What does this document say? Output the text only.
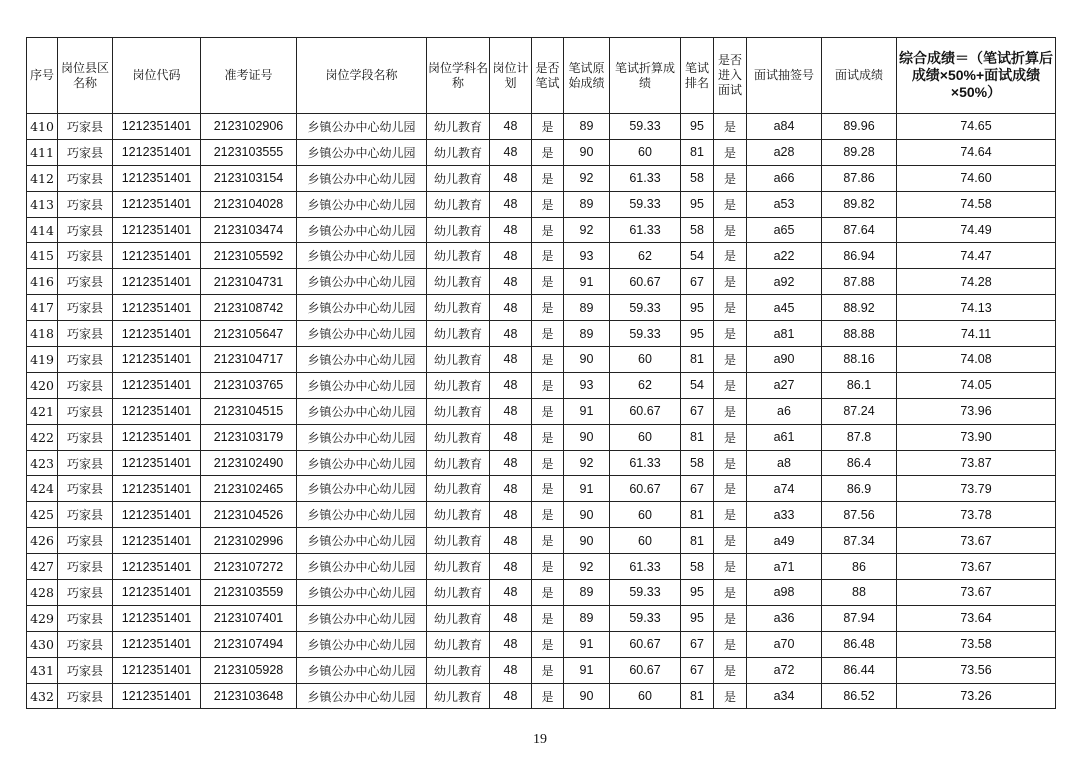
序号	岗位县区名称	岗位代码	准考证号	岗位学段名称	岗位学科名称	岗位计划	是否笔试	笔试原始成绩	笔试折算成绩	笔试排名	是否进入面试	面试抽签号	面试成绩	综合成绩＝（笔试折算后成绩×50%+面试成绩×50%）
410	巧家县	1212351401	2123102906	乡镇公办中心幼儿园	幼儿教育	48	是	89	59.33	95	是	a84	89.96	74.65
411	巧家县	1212351401	2123103555	乡镇公办中心幼儿园	幼儿教育	48	是	90	60	81	是	a28	89.28	74.64
412	巧家县	1212351401	2123103154	乡镇公办中心幼儿园	幼儿教育	48	是	92	61.33	58	是	a66	87.86	74.60
413	巧家县	1212351401	2123104028	乡镇公办中心幼儿园	幼儿教育	48	是	89	59.33	95	是	a53	89.82	74.58
414	巧家县	1212351401	2123103474	乡镇公办中心幼儿园	幼儿教育	48	是	92	61.33	58	是	a65	87.64	74.49
415	巧家县	1212351401	2123105592	乡镇公办中心幼儿园	幼儿教育	48	是	93	62	54	是	a22	86.94	74.47
416	巧家县	1212351401	2123104731	乡镇公办中心幼儿园	幼儿教育	48	是	91	60.67	67	是	a92	87.88	74.28
417	巧家县	1212351401	2123108742	乡镇公办中心幼儿园	幼儿教育	48	是	89	59.33	95	是	a45	88.92	74.13
418	巧家县	1212351401	2123105647	乡镇公办中心幼儿园	幼儿教育	48	是	89	59.33	95	是	a81	88.88	74.11
419	巧家县	1212351401	2123104717	乡镇公办中心幼儿园	幼儿教育	48	是	90	60	81	是	a90	88.16	74.08
420	巧家县	1212351401	2123103765	乡镇公办中心幼儿园	幼儿教育	48	是	93	62	54	是	a27	86.1	74.05
421	巧家县	1212351401	2123104515	乡镇公办中心幼儿园	幼儿教育	48	是	91	60.67	67	是	a6	87.24	73.96
422	巧家县	1212351401	2123103179	乡镇公办中心幼儿园	幼儿教育	48	是	90	60	81	是	a61	87.8	73.90
423	巧家县	1212351401	2123102490	乡镇公办中心幼儿园	幼儿教育	48	是	92	61.33	58	是	a8	86.4	73.87
424	巧家县	1212351401	2123102465	乡镇公办中心幼儿园	幼儿教育	48	是	91	60.67	67	是	a74	86.9	73.79
425	巧家县	1212351401	2123104526	乡镇公办中心幼儿园	幼儿教育	48	是	90	60	81	是	a33	87.56	73.78
426	巧家县	1212351401	2123102996	乡镇公办中心幼儿园	幼儿教育	48	是	90	60	81	是	a49	87.34	73.67
427	巧家县	1212351401	2123107272	乡镇公办中心幼儿园	幼儿教育	48	是	92	61.33	58	是	a71	86	73.67
428	巧家县	1212351401	2123103559	乡镇公办中心幼儿园	幼儿教育	48	是	89	59.33	95	是	a98	88	73.67
429	巧家县	1212351401	2123107401	乡镇公办中心幼儿园	幼儿教育	48	是	89	59.33	95	是	a36	87.94	73.64
430	巧家县	1212351401	2123107494	乡镇公办中心幼儿园	幼儿教育	48	是	91	60.67	67	是	a70	86.48	73.58
431	巧家县	1212351401	2123105928	乡镇公办中心幼儿园	幼儿教育	48	是	91	60.67	67	是	a72	86.44	73.56
432	巧家县	1212351401	2123103648	乡镇公办中心幼儿园	幼儿教育	48	是	90	60	81	是	a34	86.52	73.26
19
